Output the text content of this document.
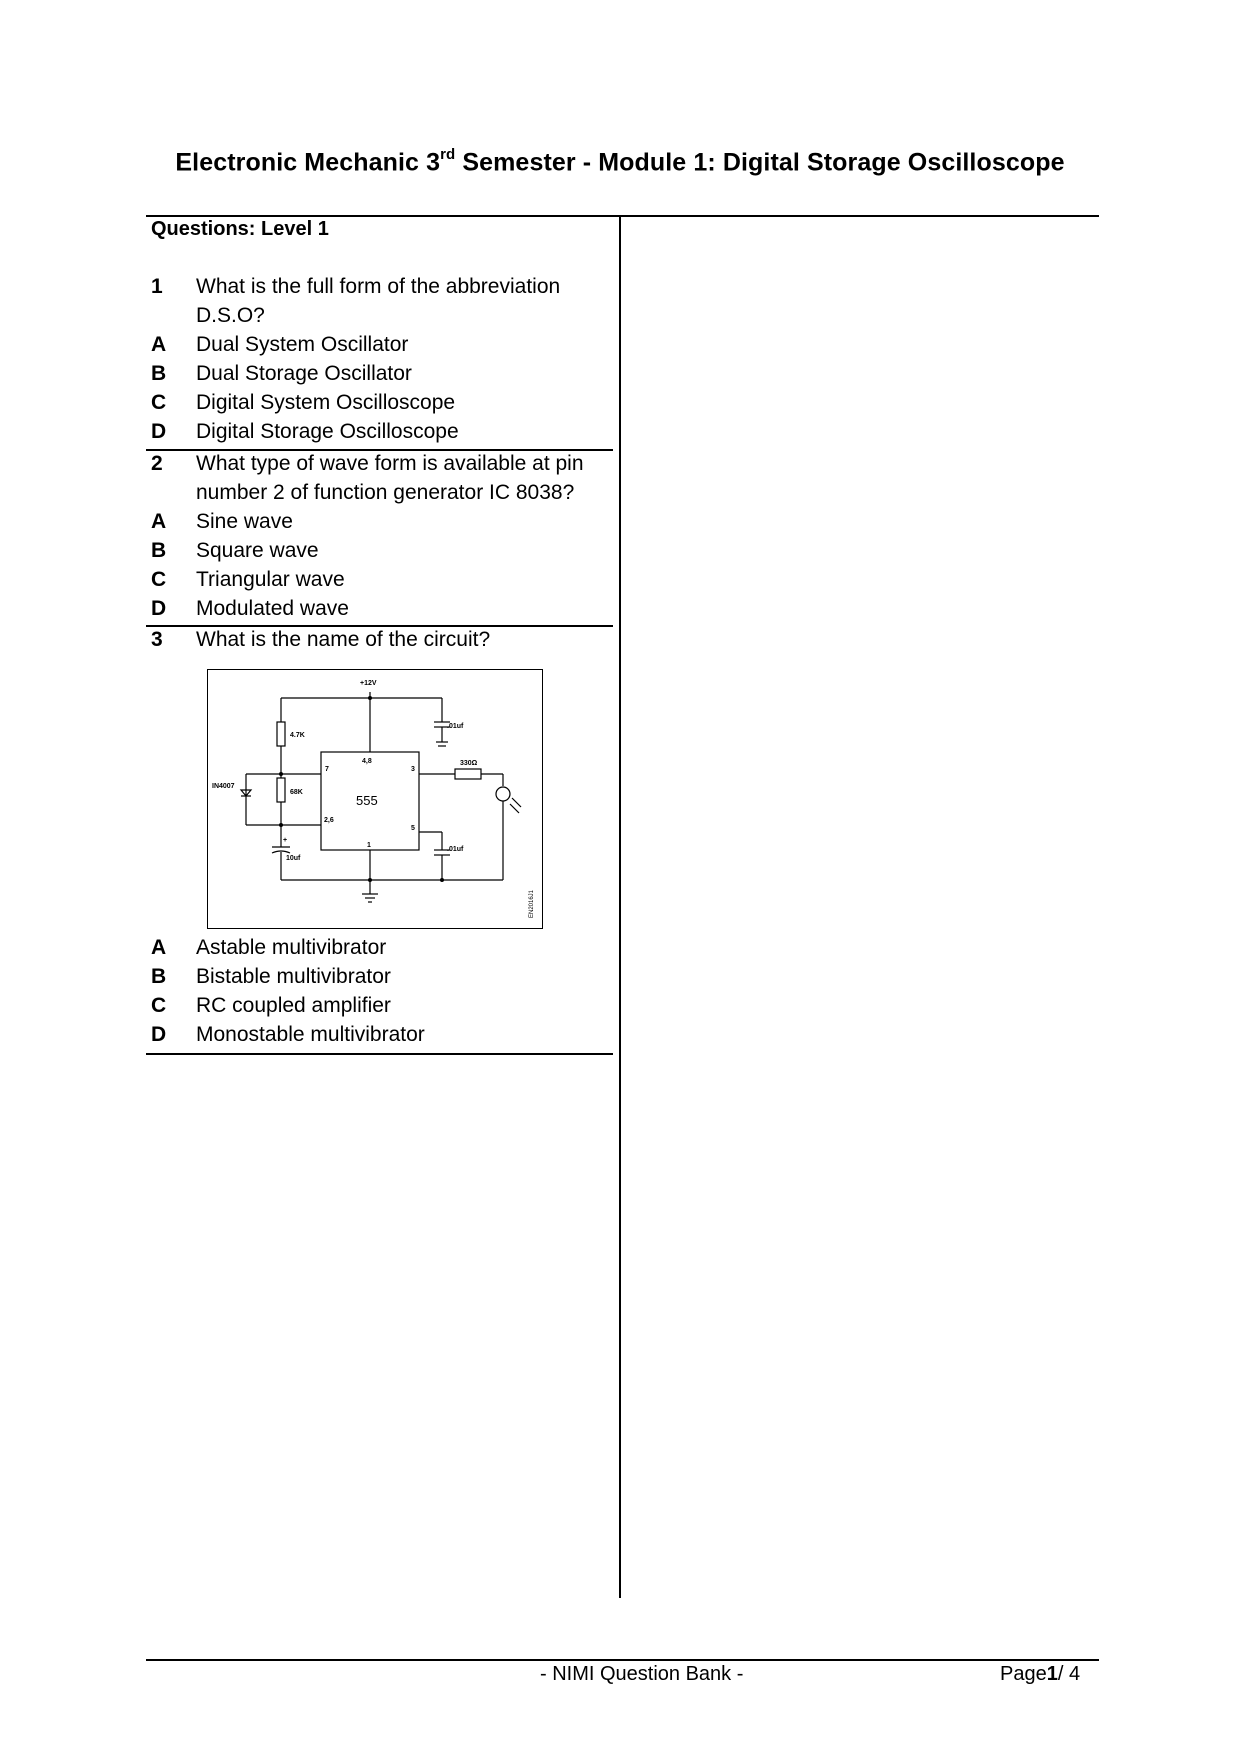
Electronic Mechanic 3rd Semester - Module 1: Digital Storage Oscilloscope
Questions: Level 1
1 What is the full form of the abbreviation
D.S.O?
A Dual System Oscillator
B Dual Storage Oscillator
C Digital System Oscilloscope
D Digital Storage Oscilloscope
2 What type of wave form is available at pin
number 2 of function generator IC 8038?
A Sine wave
B Square wave
C Triangular wave
D Modulated wave
3 What is the name of the circuit?
+12V
4.7K
68K
IN4007
4,8
7	3
2,6
1
5
.01uf
.01uf
10uf
+
330Ω
EN2016J1
555
A Astable multivibrator
B Bistable multivibrator
C RC coupled amplifier
D Monostable multivibrator
- NIMI Question Bank -	Page1/ 4
